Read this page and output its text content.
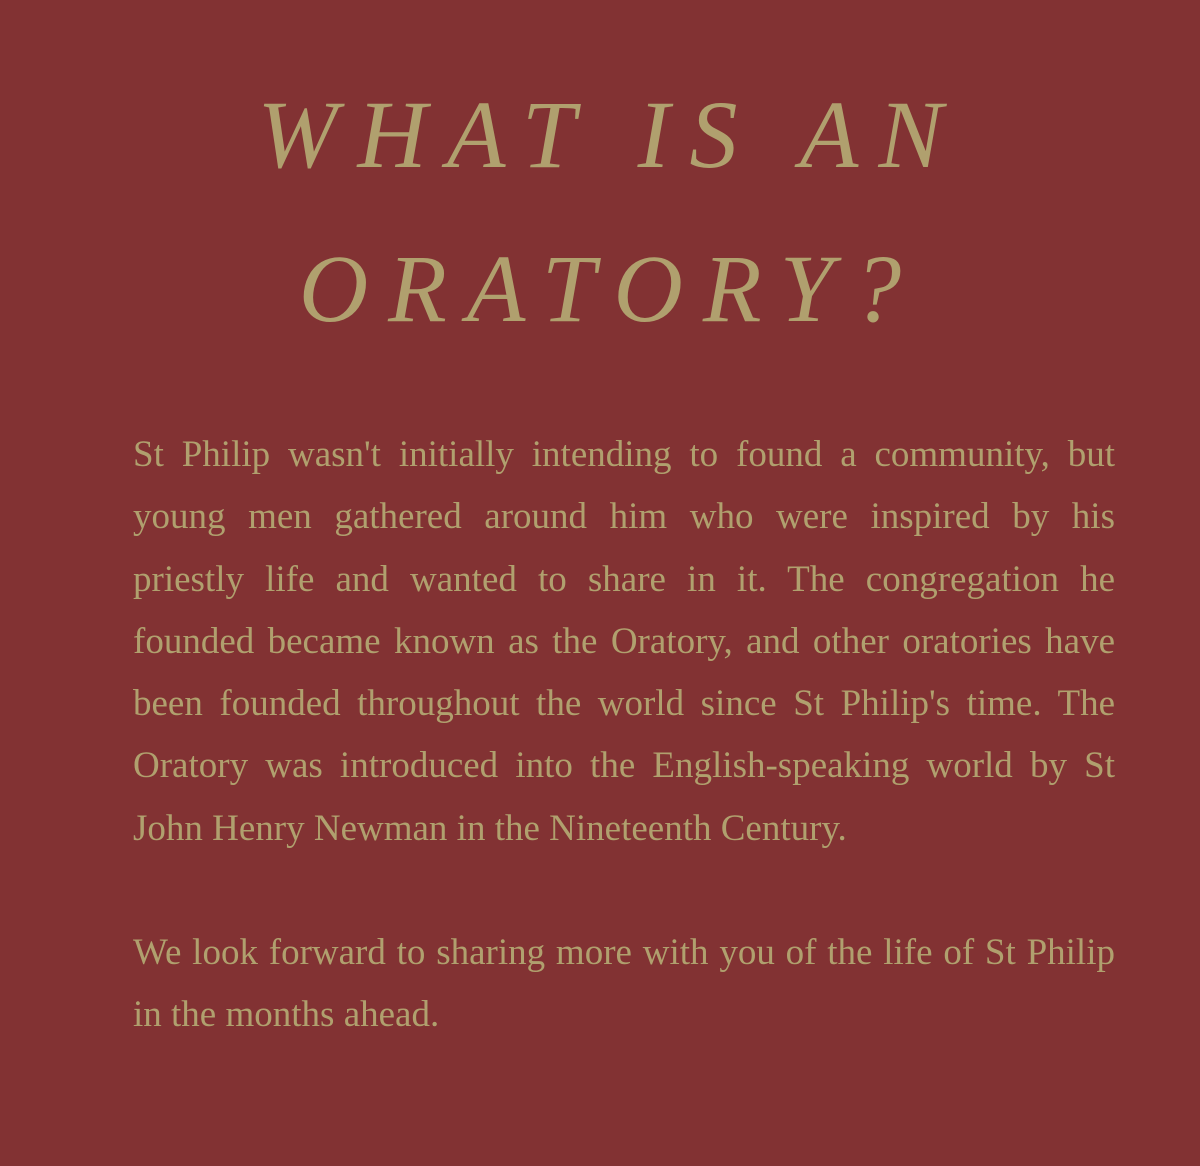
WHAT IS AN
ORATORY?

St Philip wasn't initially intending to found a community, but young men gathered around him who were inspired by his priestly life and wanted to share in it. The congregation he founded became known as the Oratory, and other oratories have been founded throughout the world since St Philip's time. The Oratory was introduced into the English-speaking world by St John Henry Newman in the Nineteenth Century.

We look forward to sharing more with you of the life of St Philip in the months ahead.
